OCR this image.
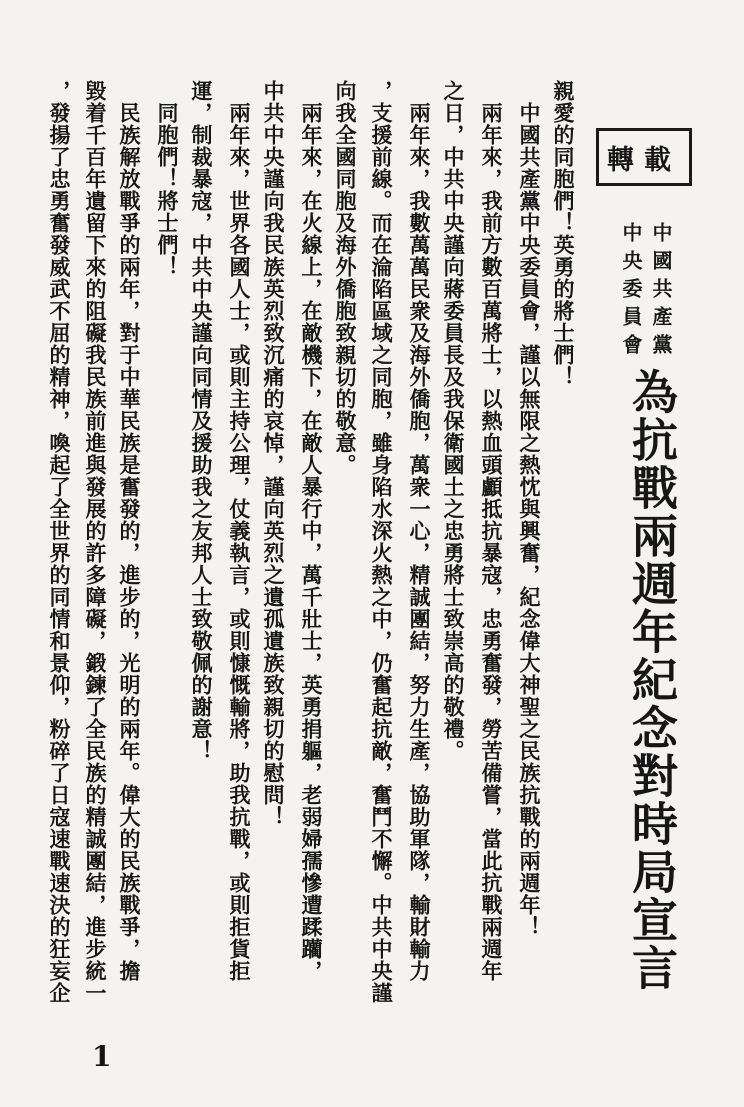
轉載
中國共產黨
中央委員會
為抗戰兩週年紀念對時局宣言
親愛的同胞們！英勇的將士們！
　中國共產黨中央委員會，謹以無限之熱忱與興奮，紀念偉大神聖之民族抗戰的兩週年！
　兩年來，我前方數百萬將士，以熱血頭顱抵抗暴寇，忠勇奮發，勞苦備嘗，當此抗戰兩週年
之日，中共中央謹向蔣委員長及我保衛國土之忠勇將士致崇高的敬禮。
　兩年來，我數萬萬民衆及海外僑胞，萬衆一心，精誠團結，努力生產，協助軍隊，輸財輸力
，支援前線。而在淪陷區域之同胞，雖身陷水深火熱之中，仍奮起抗敵，奮鬥不懈。中共中央謹
向我全國同胞及海外僑胞致親切的敬意。
　兩年來，在火線上，在敵機下，在敵人暴行中，萬千壯士，英勇捐軀，老弱婦孺慘遭蹂躪，
中共中央謹向我民族英烈致沉痛的哀悼，謹向英烈之遺孤遺族致親切的慰問！
　兩年來，世界各國人士，或則主持公理，仗義執言，或則慷慨輸將，助我抗戰，或則拒貨拒
運，制裁暴寇，中共中央謹向同情及援助我之友邦人士致敬佩的謝意！
　同胞們！將士們！
　民族解放戰爭的兩年，對于中華民族是奮發的，進步的，光明的兩年。偉大的民族戰爭，擔
毀着千百年遺留下來的阻礙我民族前進與發展的許多障礙，鍛鍊了全民族的精誠團結，進步統一
，發揚了忠勇奮發威武不屈的精神，喚起了全世界的同情和景仰，粉碎了日寇速戰速決的狂妄企
1
